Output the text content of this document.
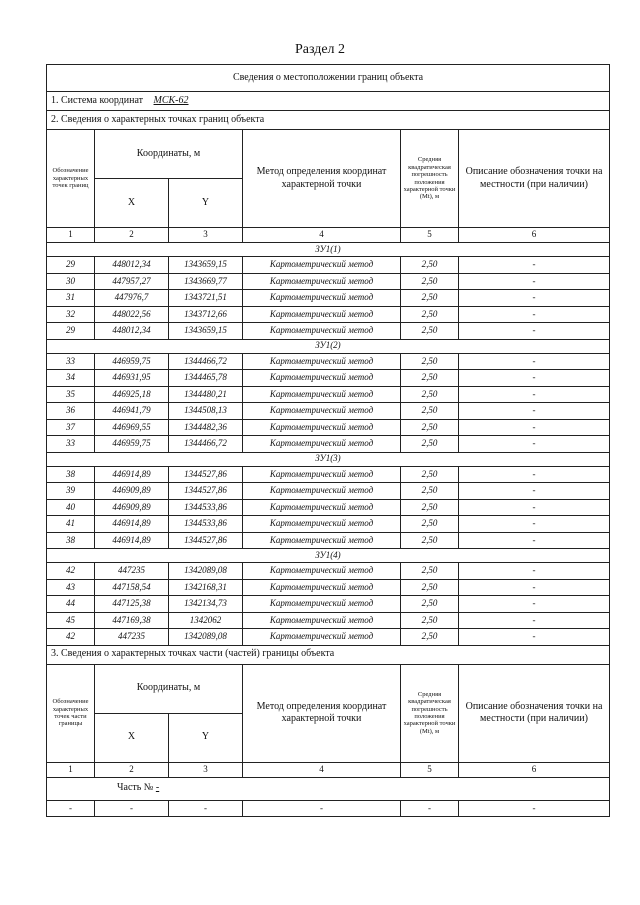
Раздел 2
Сведения о местоположении границ объекта					
1. Система координат МСК-62					
2. Сведения о характерных точках границ объекта					
Обозначение характерных точек границ	Координаты, м		Метод определения координат характерной точки	Средняя квадратическая погрешность положения характерной точки (Mt), м	Описание обозначения точки на местности (при наличии)
	X	Y			
1	2	3	4	5	6
ЗУ1(1)					
29	448012,34	1343659,15	Картометрический метод	2,50	-
30	447957,27	1343669,77	Картометрический метод	2,50	-
31	447976,7	1343721,51	Картометрический метод	2,50	-
32	448022,56	1343712,66	Картометрический метод	2,50	-
29	448012,34	1343659,15	Картометрический метод	2,50	-
ЗУ1(2)					
33	446959,75	1344466,72	Картометрический метод	2,50	-
34	446931,95	1344465,78	Картометрический метод	2,50	-
35	446925,18	1344480,21	Картометрический метод	2,50	-
36	446941,79	1344508,13	Картометрический метод	2,50	-
37	446969,55	1344482,36	Картометрический метод	2,50	-
33	446959,75	1344466,72	Картометрический метод	2,50	-
ЗУ1(3)					
38	446914,89	1344527,86	Картометрический метод	2,50	-
39	446909,89	1344527,86	Картометрический метод	2,50	-
40	446909,89	1344533,86	Картометрический метод	2,50	-
41	446914,89	1344533,86	Картометрический метод	2,50	-
38	446914,89	1344527,86	Картометрический метод	2,50	-
ЗУ1(4)					
42	447235	1342089,08	Картометрический метод	2,50	-
43	447158,54	1342168,31	Картометрический метод	2,50	-
44	447125,38	1342134,73	Картометрический метод	2,50	-
45	447169,38	1342062	Картометрический метод	2,50	-
42	447235	1342089,08	Картометрический метод	2,50	-
3. Сведения о характерных точках части (частей) границы объекта					
Обозначение характерных точек части границы	Координаты, м		Метод определения координат характерной точки	Средняя квадратическая погрешность положения характерной точки (Mt), м	Описание обозначения точки на местности (при наличии)
	X	Y			
1	2	3	4	5	6
Часть № -					
-	-	-	-	-	-
